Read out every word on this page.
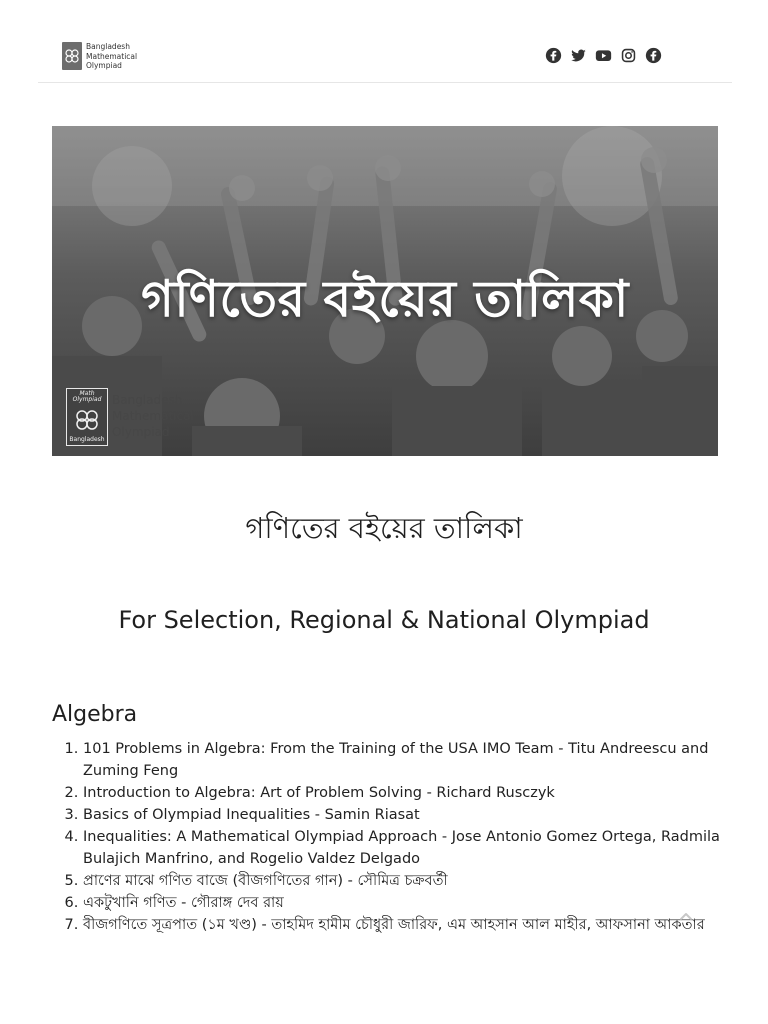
Bangladesh
Mathematical
Olympiad
গণিতের বইয়ের তালিকা
Math Olympiad
Bangladesh
Bangladesh
Mathematical
Olympiad
গণিতের বইয়ের তালিকা
For Selection, Regional & National Olympiad
Algebra
1. 101 Problems in Algebra: From the Training of the USA IMO Team - Titu Andreescu and Zuming Feng
2. Introduction to Algebra: Art of Problem Solving - Richard Rusczyk
3. Basics of Olympiad Inequalities - Samin Riasat
4. Inequalities: A Mathematical Olympiad Approach - Jose Antonio Gomez Ortega, Radmila Bulajich Manfrino, and Rogelio Valdez Delgado
5. প্রাণের মাঝে গণিত বাজে (বীজগণিতের গান) - সৌমিত্র চক্রবর্তী
6. একটুখানি গণিত - গৌরাঙ্গ দেব রায়
7. বীজগণিতে সূত্রপাত (১ম খণ্ড) - তাহমিদ হামীম চৌধুরী জারিফ, এম আহসান আল মাহীর, আফসানা আকতার
